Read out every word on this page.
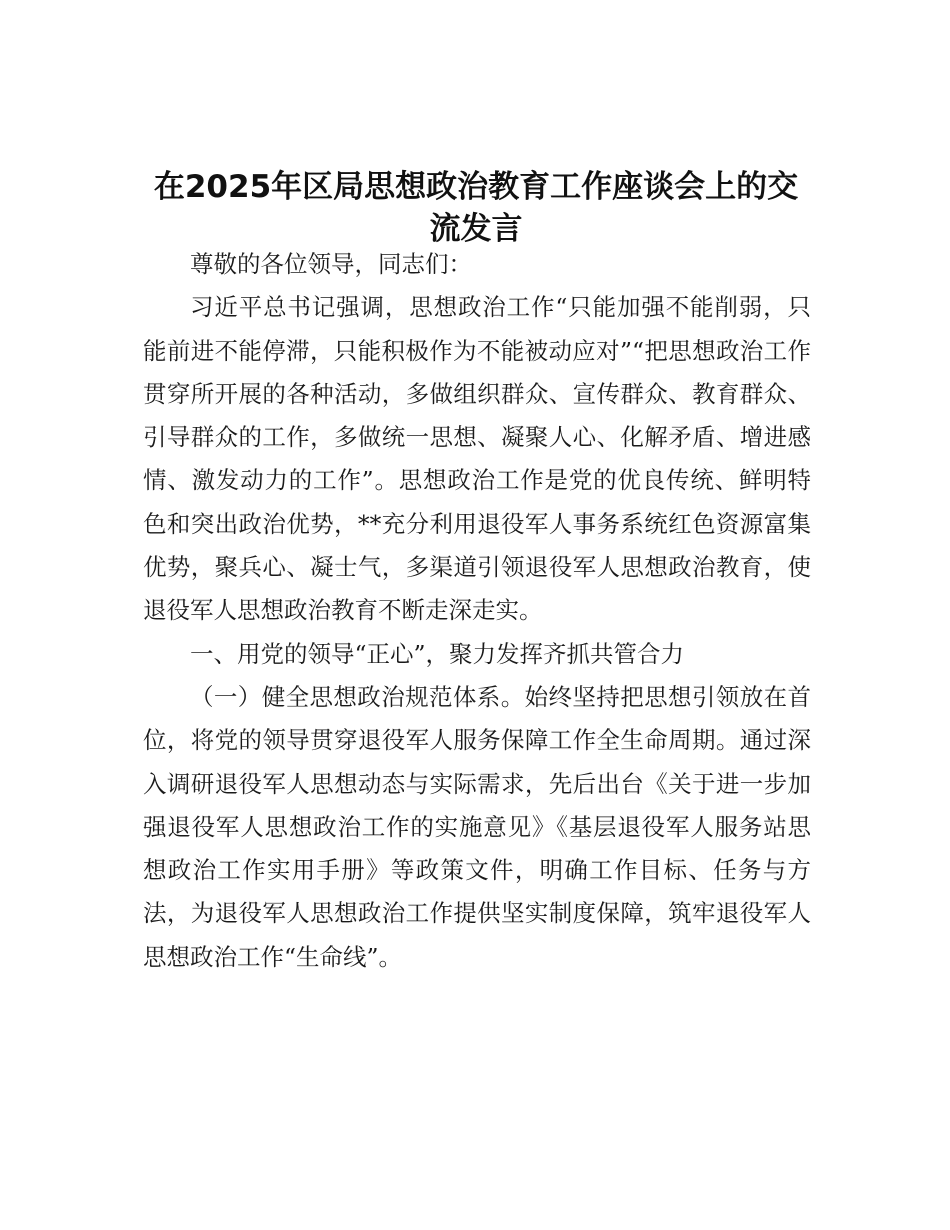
在2025年区局思想政治教育工作座谈会上的交流发言

尊敬的各位领导，同志们：

习近平总书记强调，思想政治工作“只能加强不能削弱，只能前进不能停滞，只能积极作为不能被动应对”“把思想政治工作贯穿所开展的各种活动，多做组织群众、宣传群众、教育群众、引导群众的工作，多做统一思想、凝聚人心、化解矛盾、增进感情、激发动力的工作”。思想政治工作是党的优良传统、鲜明特色和突出政治优势，**充分利用退役军人事务系统红色资源富集优势，聚兵心、凝士气，多渠道引领退役军人思想政治教育，使退役军人思想政治教育不断走深走实。

一、用党的领导“正心”，聚力发挥齐抓共管合力

（一）健全思想政治规范体系。始终坚持把思想引领放在首位，将党的领导贯穿退役军人服务保障工作全生命周期。通过深入调研退役军人思想动态与实际需求，先后出台《关于进一步加强退役军人思想政治工作的实施意见》《基层退役军人服务站思想政治工作实用手册》等政策文件，明确工作目标、任务与方法，为退役军人思想政治工作提供坚实制度保障，筑牢退役军人思想政治工作“生命线”。
